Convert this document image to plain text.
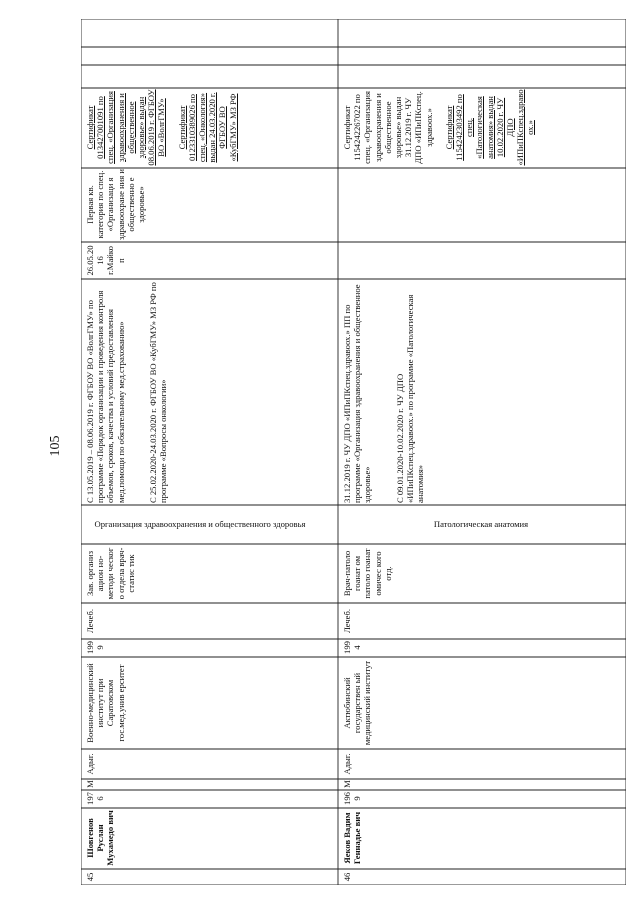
105
45
Шовгенов Руслан Мухамедо вич
1976
М
Адыг.
Военно-медицинский институт при Саратовском гос.мед.унив ерситет
1999
Лечеб.
Зав. организ ацион но-методи ческог о отдела врач-статис тик
Организация здравоохранения и общественного здоровья
С 13.05.2019 – 08.06.2019 г. ФГБОУ ВО «ВолгГМУ» по программе «Порядок организации и проведения контроля объемов, сроков, качества и условий предоставления мед.помощи по обязательному мед.страхованию»	С 25.02.2020-24.03.2020 г. ФГБОУ ВО «КубГМУ» МЗ РФ по программе «Вопросы онкологии»
26.05.20 16 г.Майко п
Первая кв. категория по спец. «Организаци я здравоохране ния и общественно е здоровье»
Сертификат 013427001091 по спец. «Организация здравоохранения и общественное здоровье» выдан 08.06.2019 г. ФГБОУ ВО «ВолгГМУ» Сертификат 0123310389026 по спец. «Онкология» выдан 24.03.2020 г. ФГБОУ ВО «КубГМУ» МЗ РФ
46
Яеков Вадим Геннадье вич
1969
М
Адыг.
Актюбинский государствен ый медицинский институт
1994
Лечеб.
Врач-патоло гоанат ом патоло гоанат омичес кого отд.
Патологическая анатомия
31.12.2019 г. ЧУ ДПО «ИПиПКспец.здравоох.» ПП по программе «Организация здравоохранения и общественное здоровье»	С 09.01.2020-10.02.2020 г. ЧУ ДПО «ИПиПКспец.здравоох.» по программе «Патологическая анатомия»
Сертификат 1154242267022 по спец. «Организация здравоохранения и общественное здоровье» выдан 31.12.2019 г. ЧУ ДПО «ИПиПКспец. здравоох.» Сертификат 1154242303492 по спец. «Патологическая анатомия» выдан 10.02.2020 г. ЧУ ДПО «ИПиПКспец.здравоох.»
